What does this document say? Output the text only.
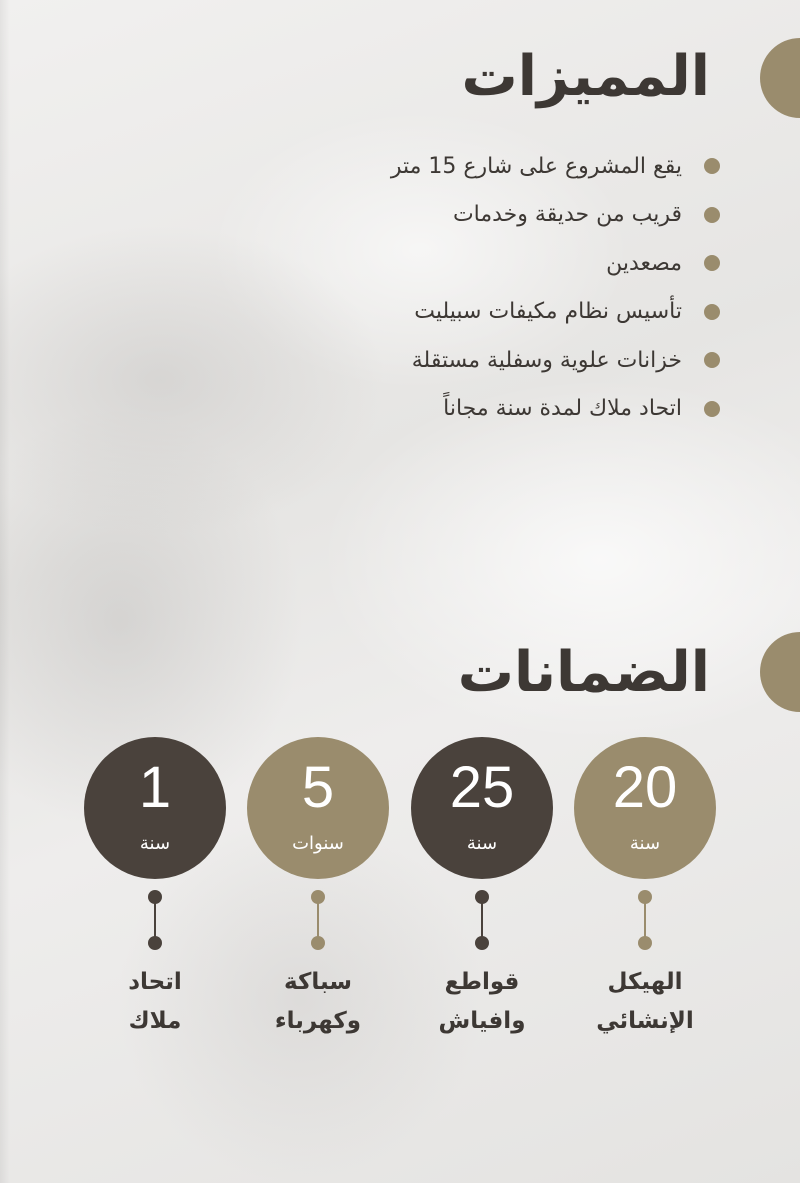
المميزات
يقع المشروع على شارع 15 متر
قريب من حديقة وخدمات
مصعدين
تأسيس نظام مكيفات سبيليت
خزانات علوية وسفلية مستقلة
اتحاد ملاك لمدة سنة مجاناً
الضمانات
20
سنة
الهيكل
الإنشائي
25
سنة
قواطع
وافياش
5
سنوات
سباكة
وكهرباء
1
سنة
اتحاد
ملاك
